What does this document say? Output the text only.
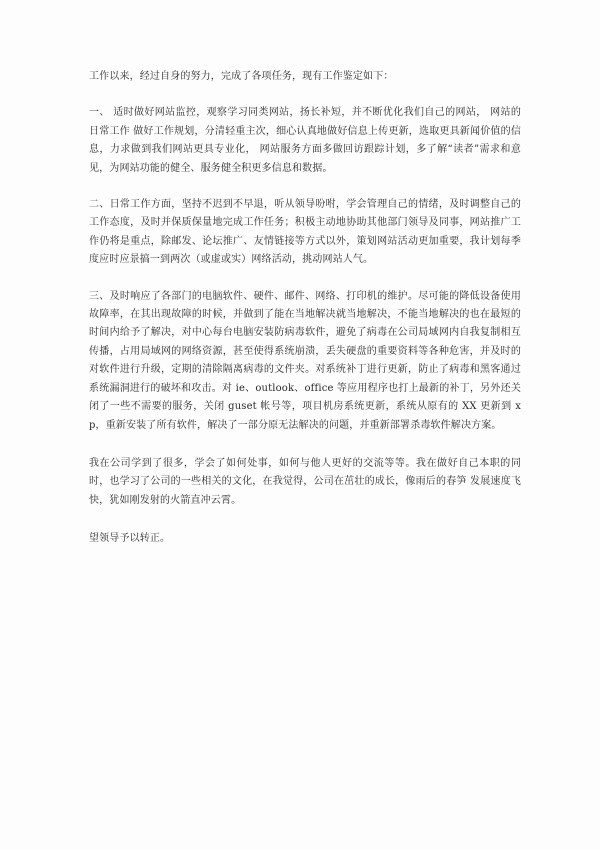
工作以来，经过自身的努力，完成了各项任务，现有工作鉴定如下：

一、 适时做好网站监控，观察学习同类网站，扬长补短，并不断优化我们自己的网站， 网站的日常工作 做好工作规划，分清轻重主次，细心认真地做好信息上传更新，选取更具新闻价值的信息，力求做到我们网站更具专业化， 网站服务方面多做回访跟踪计划，多了解“读者”需求和意见，为网站功能的健全、服务健全积更多信息和数据。

二、日常工作方面，坚持不迟到不早退，听从领导吩咐，学会管理自己的情绪，及时调整自己的工作态度，及时并保质保量地完成工作任务；积极主动地协助其他部门领导及同事，网站推广工作仍将是重点，除邮发、论坛推广、友情链接等方式以外，策划网站活动更加重要，我计划每季度应时应景搞一到两次（或虚或实）网络活动，挑动网站人气。

三、及时响应了各部门的电脑软件、硬件、邮件、网络、打印机的维护。尽可能的降低设备使用故障率，在其出现故障的时候，并做到了能在当地解决就当地解决，不能当地解决的也在最短的时间内给予了解决，对中心每台电脑安装防病毒软件，避免了病毒在公司局域网内自我复制相互传播，占用局域网的网络资源，甚至使得系统崩溃，丢失硬盘的重要资料等各种危害，并及时的对软件进行升级，定期的清除隔离病毒的文件夹。对系统补丁进行更新，防止了病毒和黑客通过系统漏洞进行的破坏和攻击。对 ie、outlook、office 等应用程序也打上最新的补丁，另外还关闭了一些不需要的服务，关闭 guset 帐号等，项目机房系统更新，系统从原有的 XX 更新到 xp，重新安装了所有软件，解决了一部分原无法解决的问题，并重新部署杀毒软件解决方案。

我在公司学到了很多，学会了如何处事，如何与他人更好的交流等等。我在做好自己本职的同时，也学习了公司的一些相关的文化，在我觉得，公司在茁壮的成长，像雨后的春笋 发展速度飞快，犹如刚发射的火箭直冲云霄。

望领导予以转正。
